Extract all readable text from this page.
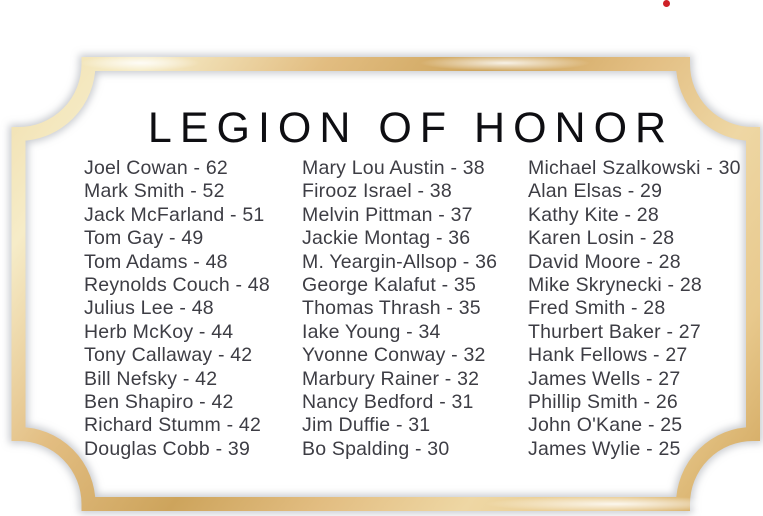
LEGION OF HONOR
Joel Cowan - 62
Mark Smith - 52
Jack McFarland - 51
Tom Gay - 49
Tom Adams - 48
Reynolds Couch - 48
Julius Lee - 48
Herb McKoy - 44
Tony Callaway - 42
Bill Nefsky - 42
Ben Shapiro - 42
Richard Stumm - 42
Douglas Cobb - 39
Mary Lou Austin - 38
Firooz Israel - 38
Melvin Pittman - 37
Jackie Montag - 36
M. Yeargin-Allsop - 36
George Kalafut - 35
Thomas Thrash - 35
Iake Young - 34
Yvonne Conway - 32
Marbury Rainer - 32
Nancy Bedford - 31
Jim Duffie - 31
Bo Spalding - 30
Michael Szalkowski - 30
Alan Elsas - 29
Kathy Kite - 28
Karen Losin - 28
David Moore - 28
Mike Skrynecki - 28
Fred Smith - 28
Thurbert Baker - 27
Hank Fellows - 27
James Wells - 27
Phillip Smith - 26
John O'Kane - 25
James Wylie - 25
